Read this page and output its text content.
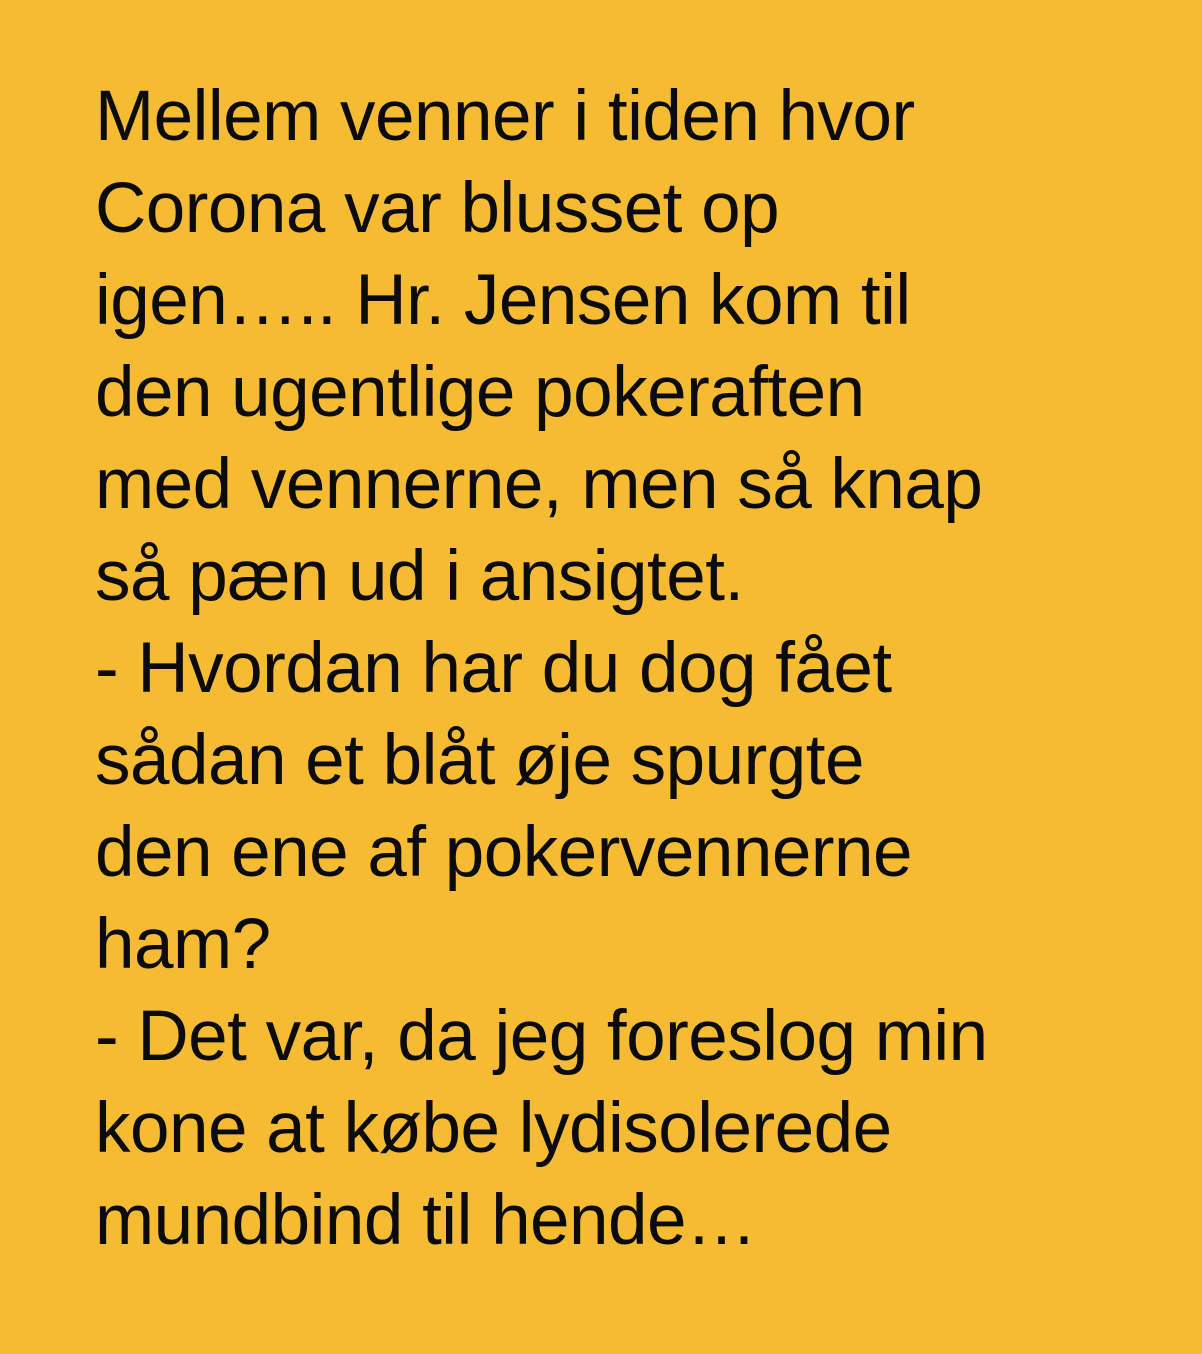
Mellem venner i tiden hvor
Corona var blusset op
igen….. Hr. Jensen kom til
den ugentlige pokeraften
med vennerne, men så knap
så pæn ud i ansigtet.
- Hvordan har du dog fået
sådan et blåt øje spurgte
den ene af pokervennerne
ham?
- Det var, da jeg foreslog min
kone at købe lydisolerede
mundbind til hende…
